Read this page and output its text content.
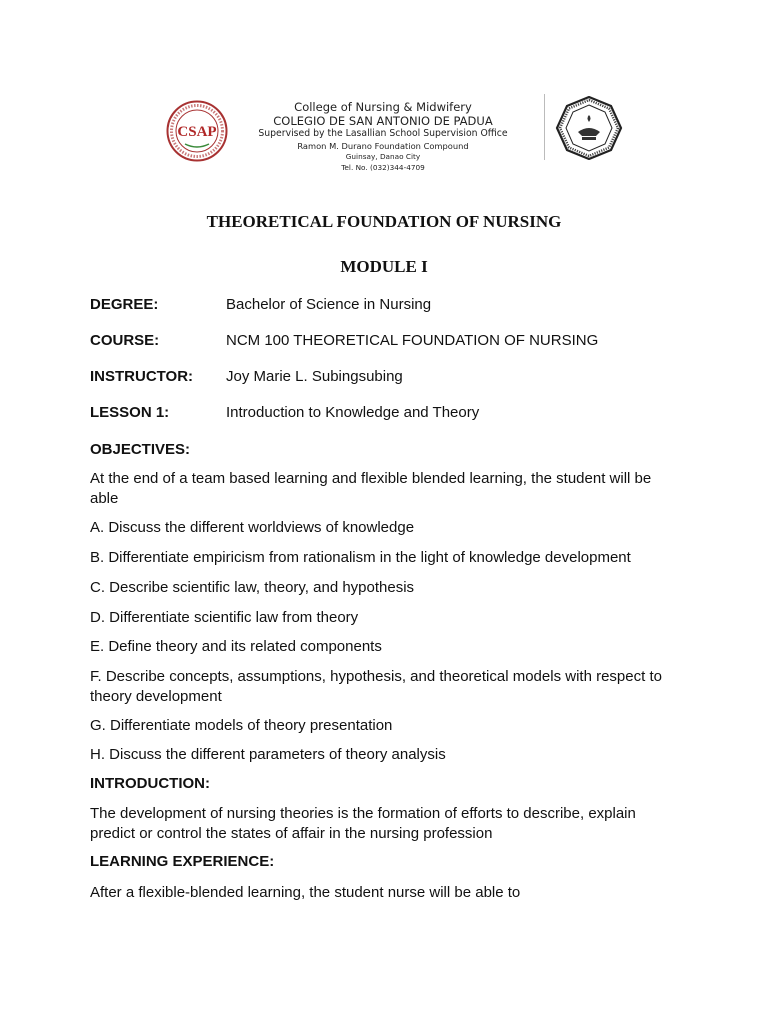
CSAP
College of Nursing & Midwifery
COLEGIO DE SAN ANTONIO DE PADUA
Supervised by the Lasallian School Supervision Office
Ramon M. Durano Foundation Compound
Guinsay, Danao City
Tel. No. (032)344-4709
THEORETICAL FOUNDATION OF NURSING
MODULE I
DEGREE:	Bachelor of Science in Nursing
COURSE:	NCM 100 THEORETICAL FOUNDATION OF NURSING
INSTRUCTOR: Joy Marie L. Subingsubing
LESSON 1:	Introduction to Knowledge and Theory
OBJECTIVES:
At the end of a team based learning and flexible blended learning, the student will be able
A. Discuss the different worldviews of knowledge
B. Differentiate empiricism from rationalism in the light of knowledge development
C. Describe scientific law, theory, and hypothesis
D. Differentiate scientific law from theory
E. Define theory and its related components
F. Describe concepts, assumptions, hypothesis, and theoretical models with respect to theory development
G. Differentiate models of theory presentation
H. Discuss the different parameters of theory analysis
INTRODUCTION:
The development of nursing theories is the formation of efforts to describe, explain predict or control the states of affair in the nursing profession
LEARNING EXPERIENCE:
After a flexible-blended learning, the student nurse will be able to
